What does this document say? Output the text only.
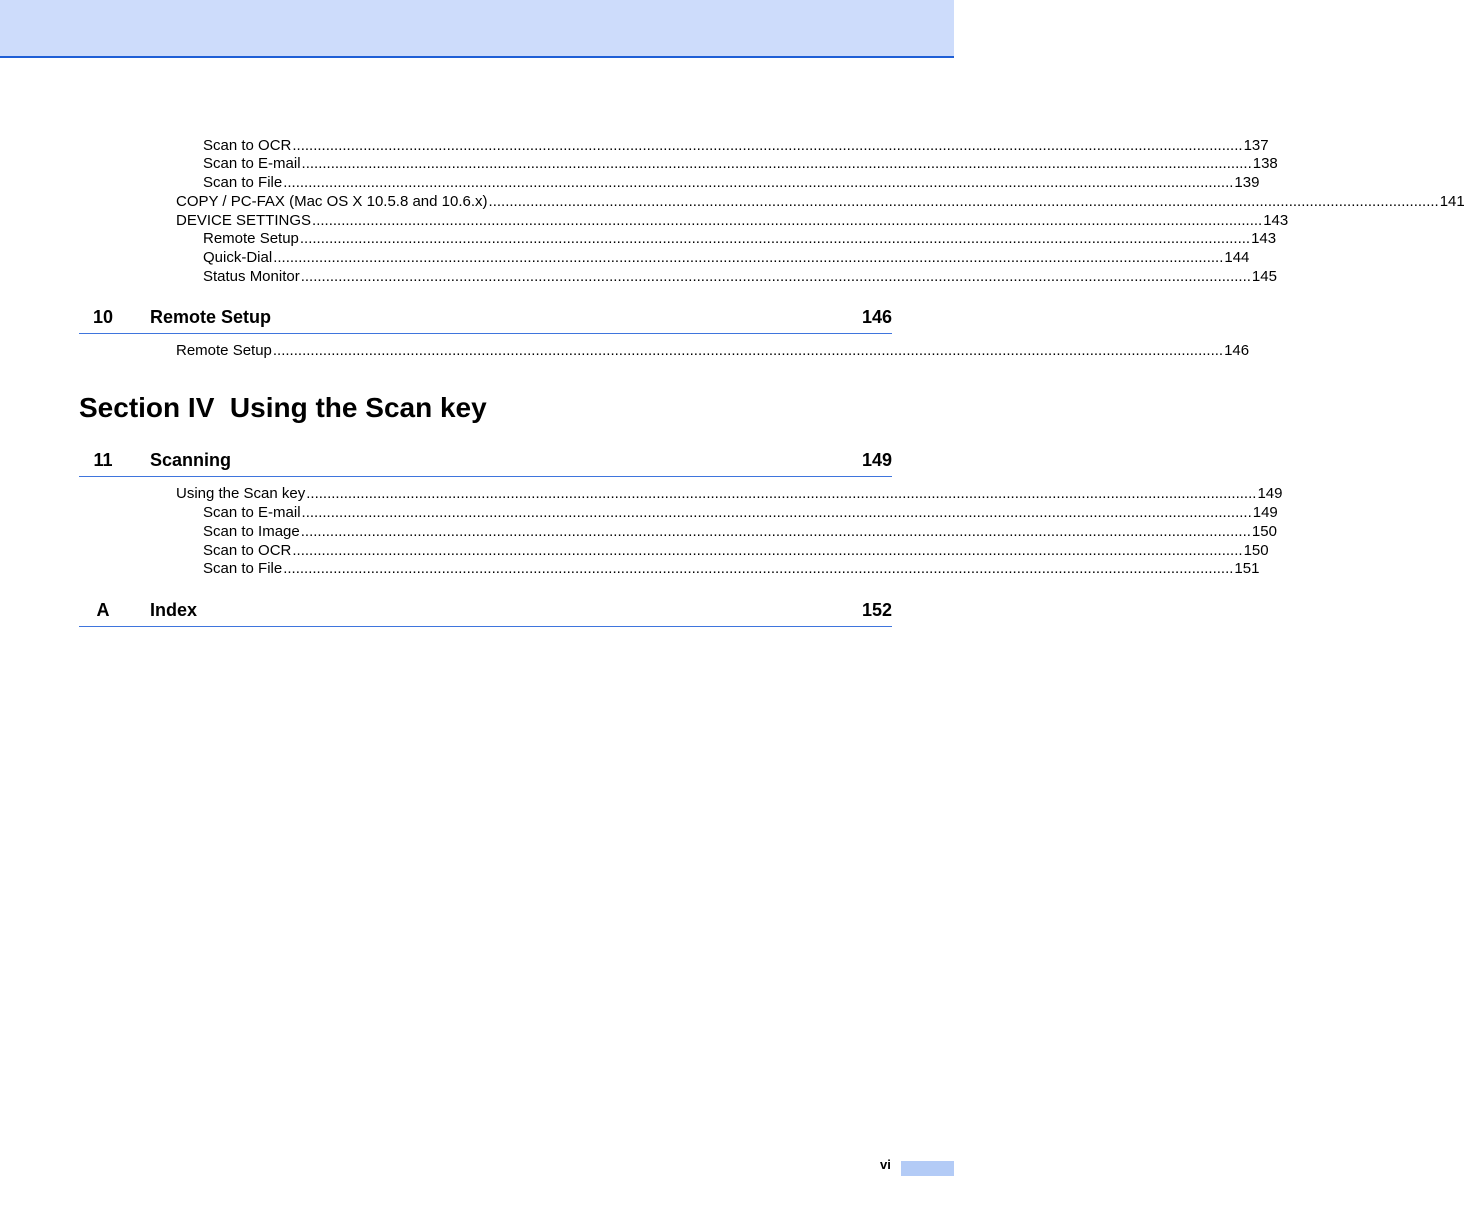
Scan to OCR .................................................................................................................................................................................................................................... 137
Scan to E-mail .................................................................................................................................................................................................................................... 138
Scan to File .................................................................................................................................................................................................................................... 139
COPY / PC-FAX (Mac OS X 10.5.8 and 10.6.x) .................................................................................................................................................................................................................................... 141
DEVICE SETTINGS .................................................................................................................................................................................................................................... 143
Remote Setup .................................................................................................................................................................................................................................... 143
Quick-Dial .................................................................................................................................................................................................................................... 144
Status Monitor .................................................................................................................................................................................................................................... 145
10	Remote Setup	146
Remote Setup .................................................................................................................................................................................................................................... 146
Section IV  Using the Scan key
11	Scanning	149
Using the Scan key .................................................................................................................................................................................................................................... 149
Scan to E-mail .................................................................................................................................................................................................................................... 149
Scan to Image .................................................................................................................................................................................................................................... 150
Scan to OCR .................................................................................................................................................................................................................................... 150
Scan to File .................................................................................................................................................................................................................................... 151
A	Index	152
vi
